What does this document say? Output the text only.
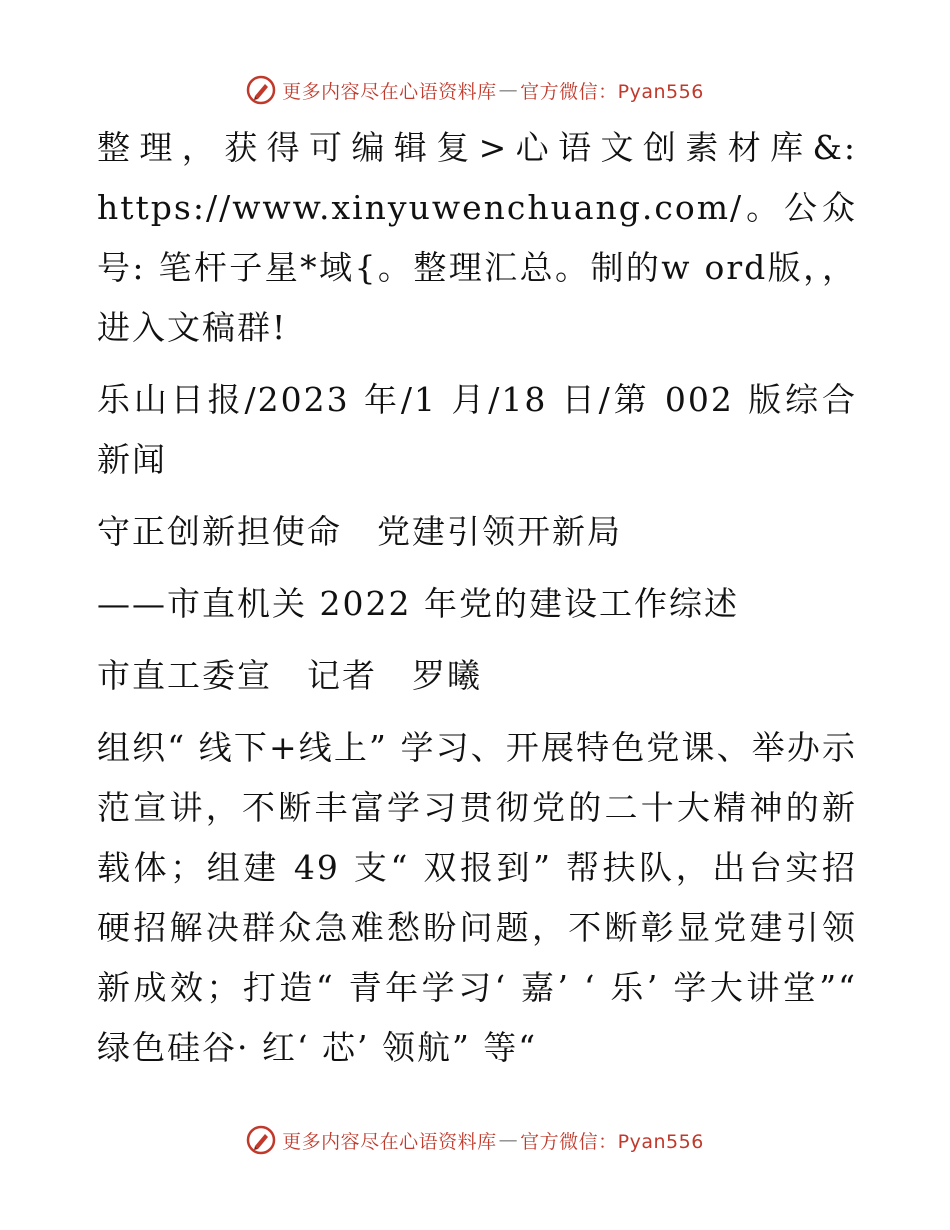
更多内容尽在心语资料库 — 官方微信：Pyan556

整理，获得可编辑复>心语文创素材库&: https://www.xinyuwenchuang.com/。公众号: 笔杆子星*域{。整理汇总。制的w ord版，，进入文稿群!

乐山日报/2023 年/1 月/18 日/第 002 版综合新闻

守正创新担使命　党建引领开新局

——市直机关 2022 年党的建设工作综述

市直工委宣　记者　罗曦

组织“ 线下+线上” 学习、开展特色党课、举办示范宣讲，不断丰富学习贯彻党的二十大精神的新载体；组建 49 支“ 双报到” 帮扶队，出台实招硬招解决群众急难愁盼问题，不断彰显党建引领新成效；打造“ 青年学习‘ 嘉’ ‘ 乐’ 学大讲堂”“ 绿色硅谷· 红‘ 芯’ 领航” 等“

更多内容尽在心语资料库 — 官方微信：Pyan556
